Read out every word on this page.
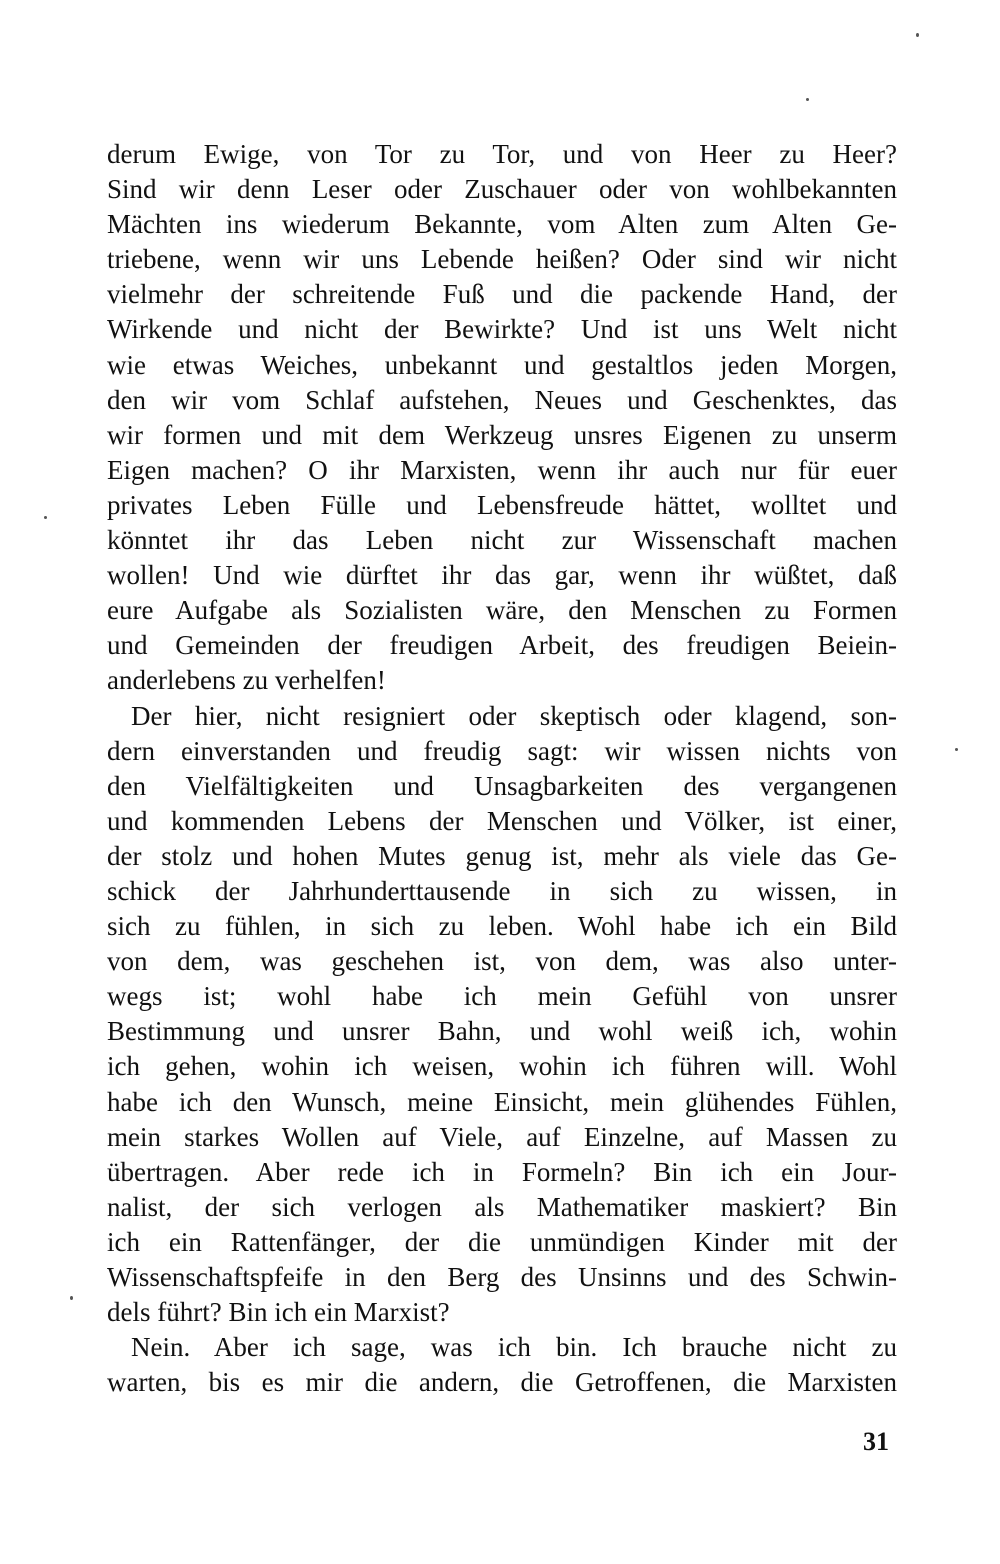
derum Ewige, von Tor zu Tor, und von Heer zu Heer?
Sind wir denn Leser oder Zuschauer oder von wohlbekannten
Mächten ins wiederum Bekannte, vom Alten zum Alten Ge-
triebene, wenn wir uns Lebende heißen? Oder sind wir nicht
vielmehr der schreitende Fuß und die packende Hand, der
Wirkende und nicht der Bewirkte? Und ist uns Welt nicht
wie etwas Weiches, unbekannt und gestaltlos jeden Morgen,
den wir vom Schlaf aufstehen, Neues und Geschenktes, das
wir formen und mit dem Werkzeug unsres Eigenen zu unserm
Eigen machen? O ihr Marxisten, wenn ihr auch nur für euer
privates Leben Fülle und Lebensfreude hättet, wolltet und
könntet ihr das Leben nicht zur Wissenschaft machen
wollen! Und wie dürftet ihr das gar, wenn ihr wüßtet, daß
eure Aufgabe als Sozialisten wäre, den Menschen zu Formen
und Gemeinden der freudigen Arbeit, des freudigen Beiein-
anderlebens zu verhelfen!
Der hier, nicht resigniert oder skeptisch oder klagend, son-
dern einverstanden und freudig sagt: wir wissen nichts von
den Vielfältigkeiten und Unsagbarkeiten des vergangenen
und kommenden Lebens der Menschen und Völker, ist einer,
der stolz und hohen Mutes genug ist, mehr als viele das Ge-
schick der Jahrhunderttausende in sich zu wissen, in
sich zu fühlen, in sich zu leben. Wohl habe ich ein Bild
von dem, was geschehen ist, von dem, was also unter-
wegs ist; wohl habe ich mein Gefühl von unsrer
Bestimmung und unsrer Bahn, und wohl weiß ich, wohin
ich gehen, wohin ich weisen, wohin ich führen will. Wohl
habe ich den Wunsch, meine Einsicht, mein glühendes Fühlen,
mein starkes Wollen auf Viele, auf Einzelne, auf Massen zu
übertragen. Aber rede ich in Formeln? Bin ich ein Jour-
nalist, der sich verlogen als Mathematiker maskiert? Bin
ich ein Rattenfänger, der die unmündigen Kinder mit der
Wissenschaftspfeife in den Berg des Unsinns und des Schwin-
dels führt? Bin ich ein Marxist?
Nein. Aber ich sage, was ich bin. Ich brauche nicht zu
warten, bis es mir die andern, die Getroffenen, die Marxisten
31
